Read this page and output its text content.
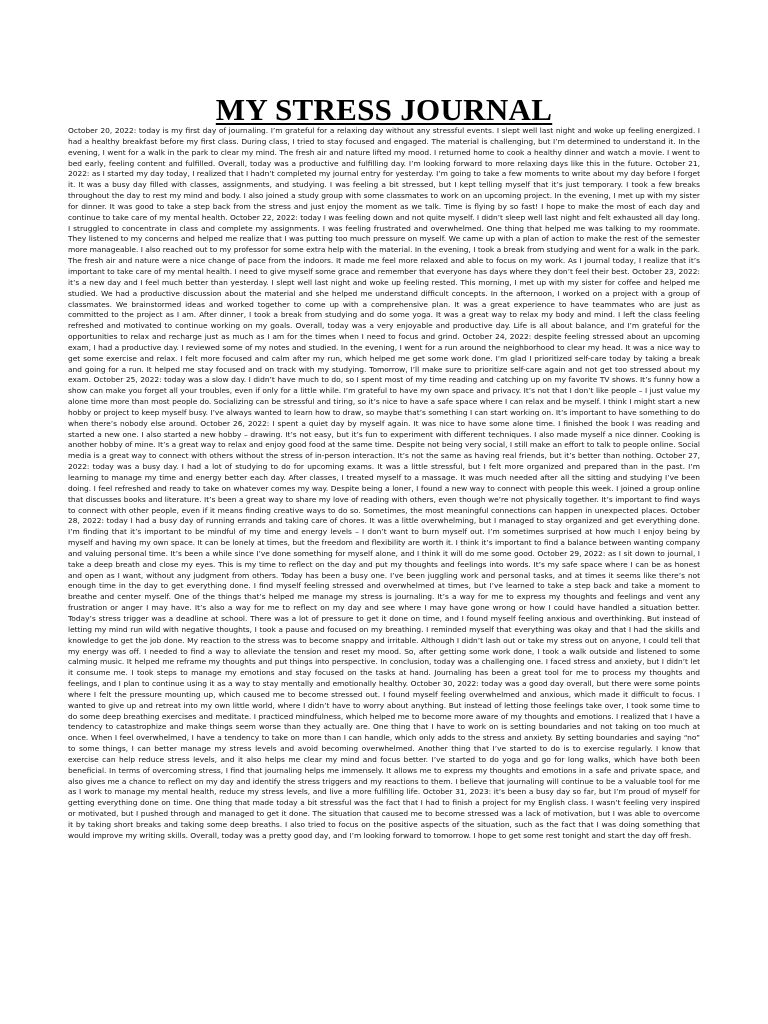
MY STRESS JOURNAL

October 20, 2022: today is my first day of journaling. I’m grateful for a relaxing day without any stressful events. I slept well last night and woke up feeling energized. I had a healthy breakfast before my first class. During class, I tried to stay focused and engaged. The material is challenging, but I’m determined to understand it. In the evening, I went for a walk in the park to clear my mind. The fresh air and nature lifted my mood. I returned home to cook a healthy dinner and watch a movie. I went to bed early, feeling content and fulfilled. Overall, today was a productive and fulfilling day. I’m looking forward to more relaxing days like this in the future. October 21, 2022: as I started my day today, I realized that I hadn’t completed my journal entry for yesterday. I’m going to take a few moments to write about my day before I forget it. It was a busy day filled with classes, assignments, and studying. I was feeling a bit stressed, but I kept telling myself that it’s just temporary. I took a few breaks throughout the day to rest my mind and body. I also joined a study group with some classmates to work on an upcoming project. In the evening, I met up with my sister for dinner. It was good to take a step back from the stress and just enjoy the moment as we talk. Time is flying by so fast! I hope to make the most of each day and continue to take care of my mental health. October 22, 2022: today I was feeling down and not quite myself. I didn’t sleep well last night and felt exhausted all day long. I struggled to concentrate in class and complete my assignments. I was feeling frustrated and overwhelmed. One thing that helped me was talking to my roommate. They listened to my concerns and helped me realize that I was putting too much pressure on myself. We came up with a plan of action to make the rest of the semester more manageable. I also reached out to my professor for some extra help with the material. In the evening, I took a break from studying and went for a walk in the park. The fresh air and nature were a nice change of pace from the indoors. It made me feel more relaxed and able to focus on my work. As I journal today, I realize that it’s important to take care of my mental health. I need to give myself some grace and remember that everyone has days where they don’t feel their best. October 23, 2022: it’s a new day and I feel much better than yesterday. I slept well last night and woke up feeling rested. This morning, I met up with my sister for coffee and helped me studied. We had a productive discussion about the material and she helped me understand difficult concepts. In the afternoon, I worked on a project with a group of classmates. We brainstormed ideas and worked together to come up with a comprehensive plan. It was a great experience to have teammates who are just as committed to the project as I am. After dinner, I took a break from studying and do some yoga. It was a great way to relax my body and mind. I left the class feeling refreshed and motivated to continue working on my goals. Overall, today was a very enjoyable and productive day. Life is all about balance, and I’m grateful for the opportunities to relax and recharge just as much as I am for the times when I need to focus and grind. October 24, 2022: despite feeling stressed about an upcoming exam, I had a productive day. I reviewed some of my notes and studied. In the evening, I went for a run around the neighborhood to clear my head. It was a nice way to get some exercise and relax. I felt more focused and calm after my run, which helped me get some work done. I’m glad I prioritized self-care today by taking a break and going for a run. It helped me stay focused and on track with my studying. Tomorrow, I’ll make sure to prioritize self-care again and not get too stressed about my exam. October 25, 2022: today was a slow day. I didn’t have much to do, so I spent most of my time reading and catching up on my favorite TV shows. It’s funny how a show can make you forget all your troubles, even if only for a little while. I’m grateful to have my own space and privacy. It’s not that I don’t like people – I just value my alone time more than most people do. Socializing can be stressful and tiring, so it’s nice to have a safe space where I can relax and be myself. I think I might start a new hobby or project to keep myself busy. I’ve always wanted to learn how to draw, so maybe that’s something I can start working on. It’s important to have something to do when there’s nobody else around. October 26, 2022: I spent a quiet day by myself again. It was nice to have some alone time. I finished the book I was reading and started a new one. I also started a new hobby – drawing. It’s not easy, but it’s fun to experiment with different techniques. I also made myself a nice dinner. Cooking is another hobby of mine. It’s a great way to relax and enjoy good food at the same time. Despite not being very social, I still make an effort to talk to people online. Social media is a great way to connect with others without the stress of in-person interaction. It’s not the same as having real friends, but it’s better than nothing. October 27, 2022: today was a busy day. I had a lot of studying to do for upcoming exams. It was a little stressful, but I felt more organized and prepared than in the past. I’m learning to manage my time and energy better each day. After classes, I treated myself to a massage. It was much needed after all the sitting and studying I’ve been doing. I feel refreshed and ready to take on whatever comes my way. Despite being a loner, I found a new way to connect with people this week. I joined a group online that discusses books and literature. It’s been a great way to share my love of reading with others, even though we’re not physically together. It’s important to find ways to connect with other people, even if it means finding creative ways to do so. Sometimes, the most meaningful connections can happen in unexpected places. October 28, 2022: today I had a busy day of running errands and taking care of chores. It was a little overwhelming, but I managed to stay organized and get everything done. I’m finding that it’s important to be mindful of my time and energy levels – I don’t want to burn myself out. I’m sometimes surprised at how much I enjoy being by myself and having my own space. It can be lonely at times, but the freedom and flexibility are worth it. I think it’s important to find a balance between wanting company and valuing personal time. It’s been a while since I’ve done something for myself alone, and I think it will do me some good. October 29, 2022: as I sit down to journal, I take a deep breath and close my eyes. This is my time to reflect on the day and put my thoughts and feelings into words. It’s my safe space where I can be as honest and open as I want, without any judgment from others. Today has been a busy one. I’ve been juggling work and personal tasks, and at times it seems like there’s not enough time in the day to get everything done. I find myself feeling stressed and overwhelmed at times, but I’ve learned to take a step back and take a moment to breathe and center myself. One of the things that’s helped me manage my stress is journaling. It’s a way for me to express my thoughts and feelings and vent any frustration or anger I may have. It’s also a way for me to reflect on my day and see where I may have gone wrong or how I could have handled a situation better. Today’s stress trigger was a deadline at school. There was a lot of pressure to get it done on time, and I found myself feeling anxious and overthinking. But instead of letting my mind run wild with negative thoughts, I took a pause and focused on my breathing. I reminded myself that everything was okay and that I had the skills and knowledge to get the job done. My reaction to the stress was to become snappy and irritable. Although I didn’t lash out or take my stress out on anyone, I could tell that my energy was off. I needed to find a way to alleviate the tension and reset my mood. So, after getting some work done, I took a walk outside and listened to some calming music. It helped me reframe my thoughts and put things into perspective. In conclusion, today was a challenging one. I faced stress and anxiety, but I didn’t let it consume me. I took steps to manage my emotions and stay focused on the tasks at hand. Journaling has been a great tool for me to process my thoughts and feelings, and I plan to continue using it as a way to stay mentally and emotionally healthy. October 30, 2022: today was a good day overall, but there were some points where I felt the pressure mounting up, which caused me to become stressed out. I found myself feeling overwhelmed and anxious, which made it difficult to focus. I wanted to give up and retreat into my own little world, where I didn’t have to worry about anything. But instead of letting those feelings take over, I took some time to do some deep breathing exercises and meditate. I practiced mindfulness, which helped me to become more aware of my thoughts and emotions. I realized that I have a tendency to catastrophize and make things seem worse than they actually are. One thing that I have to work on is setting boundaries and not taking on too much at once. When I feel overwhelmed, I have a tendency to take on more than I can handle, which only adds to the stress and anxiety. By setting boundaries and saying “no” to some things, I can better manage my stress levels and avoid becoming overwhelmed. Another thing that I’ve started to do is to exercise regularly. I know that exercise can help reduce stress levels, and it also helps me clear my mind and focus better. I’ve started to do yoga and go for long walks, which have both been beneficial. In terms of overcoming stress, I find that journaling helps me immensely. It allows me to express my thoughts and emotions in a safe and private space, and also gives me a chance to reflect on my day and identify the stress triggers and my reactions to them. I believe that journaling will continue to be a valuable tool for me as I work to manage my mental health, reduce my stress levels, and live a more fulfilling life. October 31, 2023: it’s been a busy day so far, but I’m proud of myself for getting everything done on time. One thing that made today a bit stressful was the fact that I had to finish a project for my English class. I wasn’t feeling very inspired or motivated, but I pushed through and managed to get it done. The situation that caused me to become stressed was a lack of motivation, but I was able to overcome it by taking short breaks and taking some deep breaths. I also tried to focus on the positive aspects of the situation, such as the fact that I was doing something that would improve my writing skills. Overall, today was a pretty good day, and I’m looking forward to tomorrow. I hope to get some rest tonight and start the day off fresh.
